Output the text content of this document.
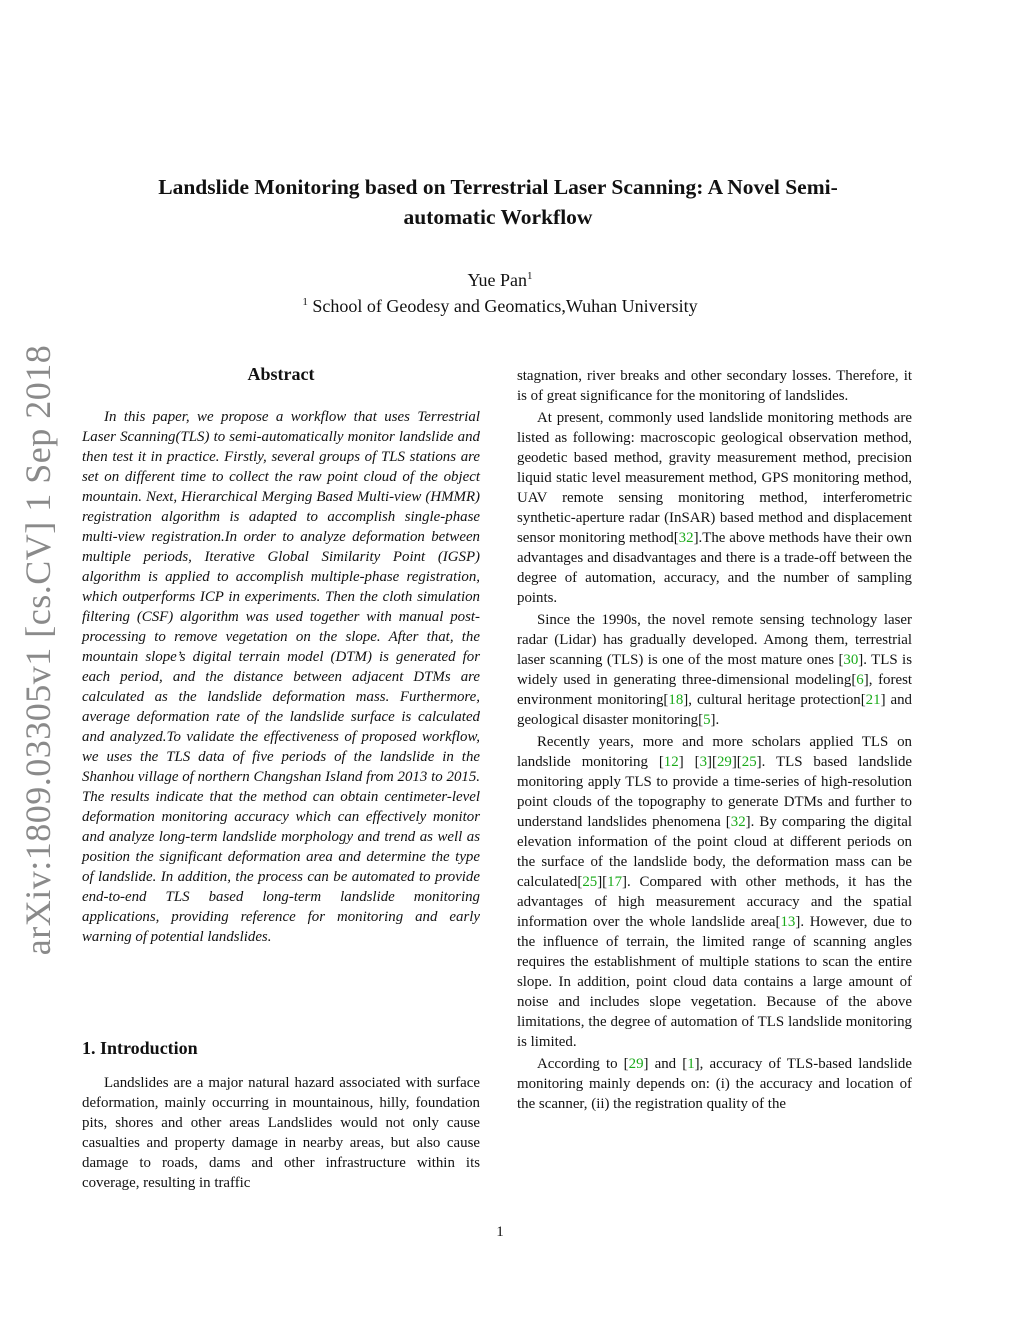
arXiv:1809.03305v1 [cs.CV] 1 Sep 2018
Landslide Monitoring based on Terrestrial Laser Scanning: A Novel Semi-automatic Workflow
Yue Pan$^1$
$^1$ School of Geodesy and Geomatics,Wuhan University
Abstract

In this paper, we propose a workflow that uses Terrestrial Laser Scanning(TLS) to semi-automatically monitor landslide and then test it in practice. Firstly, several groups of TLS stations are set on different time to collect the raw point cloud of the object mountain. Next, Hierarchical Merging Based Multi-view (HMMR) registration algorithm is adapted to accomplish single-phase multi-view registration.In order to analyze deformation between multiple periods, Iterative Global Similarity Point (IGSP) algorithm is applied to accomplish multiple-phase registration, which outperforms ICP in experiments. Then the cloth simulation filtering (CSF) algorithm was used together with manual post-processing to remove vegetation on the slope. After that, the mountain slope’s digital terrain model (DTM) is generated for each period, and the distance between adjacent DTMs are calculated as the landslide deformation mass. Furthermore, average deformation rate of the landslide surface is calculated and analyzed.To validate the effectiveness of proposed workflow, we uses the TLS data of five periods of the landslide in the Shanhou village of northern Changshan Island from 2013 to 2015. The results indicate that the method can obtain centimeter-level deformation monitoring accuracy which can effectively monitor and analyze long-term landslide morphology and trend as well as position the significant deformation area and determine the type of landslide. In addition, the process can be automated to provide end-to-end TLS based long-term landslide monitoring applications, providing reference for monitoring and early warning of potential landslides.

1. Introduction

Landslides are a major natural hazard associated with surface deformation, mainly occurring in mountainous, hilly, foundation pits, shores and other areas Landslides would not only cause casualties and property damage in nearby areas, but also cause damage to roads, dams and other infrastructure within its coverage, resulting in traffic

stagnation, river breaks and other secondary losses. Therefore, it is of great significance for the monitoring of landslides.

At present, commonly used landslide monitoring methods are listed as following: macroscopic geological observation method, geodetic based method, gravity measurement method, precision liquid static level measurement method, GPS monitoring method, UAV remote sensing monitoring method, interferometric synthetic-aperture radar (InSAR) based method and displacement sensor monitoring method[32].The above methods have their own advantages and disadvantages and there is a trade-off between the degree of automation, accuracy, and the number of sampling points.

Since the 1990s, the novel remote sensing technology laser radar (Lidar) has gradually developed. Among them, terrestrial laser scanning (TLS) is one of the most mature ones [30]. TLS is widely used in generating three-dimensional modeling[6], forest environment monitoring[18], cultural heritage protection[21] and geological disaster monitoring[5].

Recently years, more and more scholars applied TLS on landslide monitoring [12] [3][29][25]. TLS based landslide monitoring apply TLS to provide a time-series of high-resolution point clouds of the topography to generate DTMs and further to understand landslides phenomena [32]. By comparing the digital elevation information of the point cloud at different periods on the surface of the landslide body, the deformation mass can be calculated[25][17]. Compared with other methods, it has the advantages of high measurement accuracy and the spatial information over the whole landslide area[13]. However, due to the influence of terrain, the limited range of scanning angles requires the establishment of multiple stations to scan the entire slope. In addition, point cloud data contains a large amount of noise and includes slope vegetation. Because of the above limitations, the degree of automation of TLS landslide monitoring is limited.

According to [29] and [1], accuracy of TLS-based landslide monitoring mainly depends on: (i) the accuracy and location of the scanner, (ii) the registration quality of the

1
